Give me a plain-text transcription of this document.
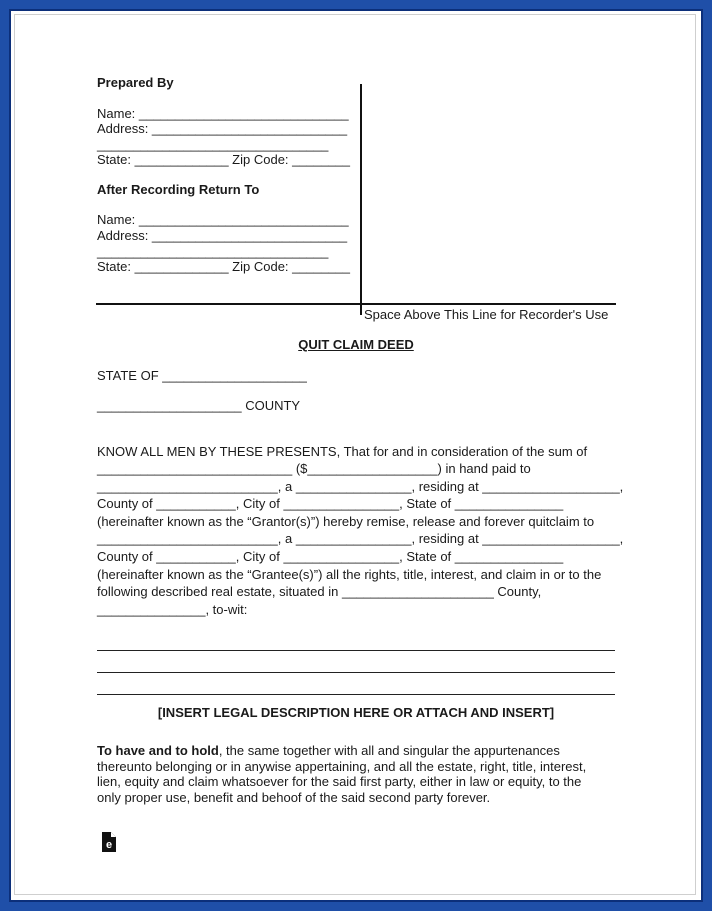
Prepared By
Name: _____________________________
Address: ___________________________
________________________________
State: _____________ Zip Code: ________
After Recording Return To
Name: _____________________________
Address: ___________________________
________________________________
State: _____________ Zip Code: ________
Space Above This Line for Recorder's Use
QUIT CLAIM DEED
STATE OF ____________________
____________________ COUNTY
KNOW ALL MEN BY THESE PRESENTS, That for and in consideration of the sum of
___________________________ ($__________________) in hand paid to
_________________________, a ________________, residing at ___________________,
County of ___________, City of ________________, State of _______________
(hereinafter known as the “Grantor(s)”) hereby remise, release and forever quitclaim to
_________________________, a ________________, residing at ___________________,
County of ___________, City of ________________, State of _______________
(hereinafter known as the “Grantee(s)”) all the rights, title, interest, and claim in or to the
following described real estate, situated in _____________________ County,
_______________, to-wit:
[INSERT LEGAL DESCRIPTION HERE OR ATTACH AND INSERT]
To have and to hold, the same together with all and singular the appurtenances
thereunto belonging or in anywise appertaining, and all the estate, right, title, interest,
lien, equity and claim whatsoever for the said first party, either in law or equity, to the
only proper use, benefit and behoof of the said second party forever.
e
